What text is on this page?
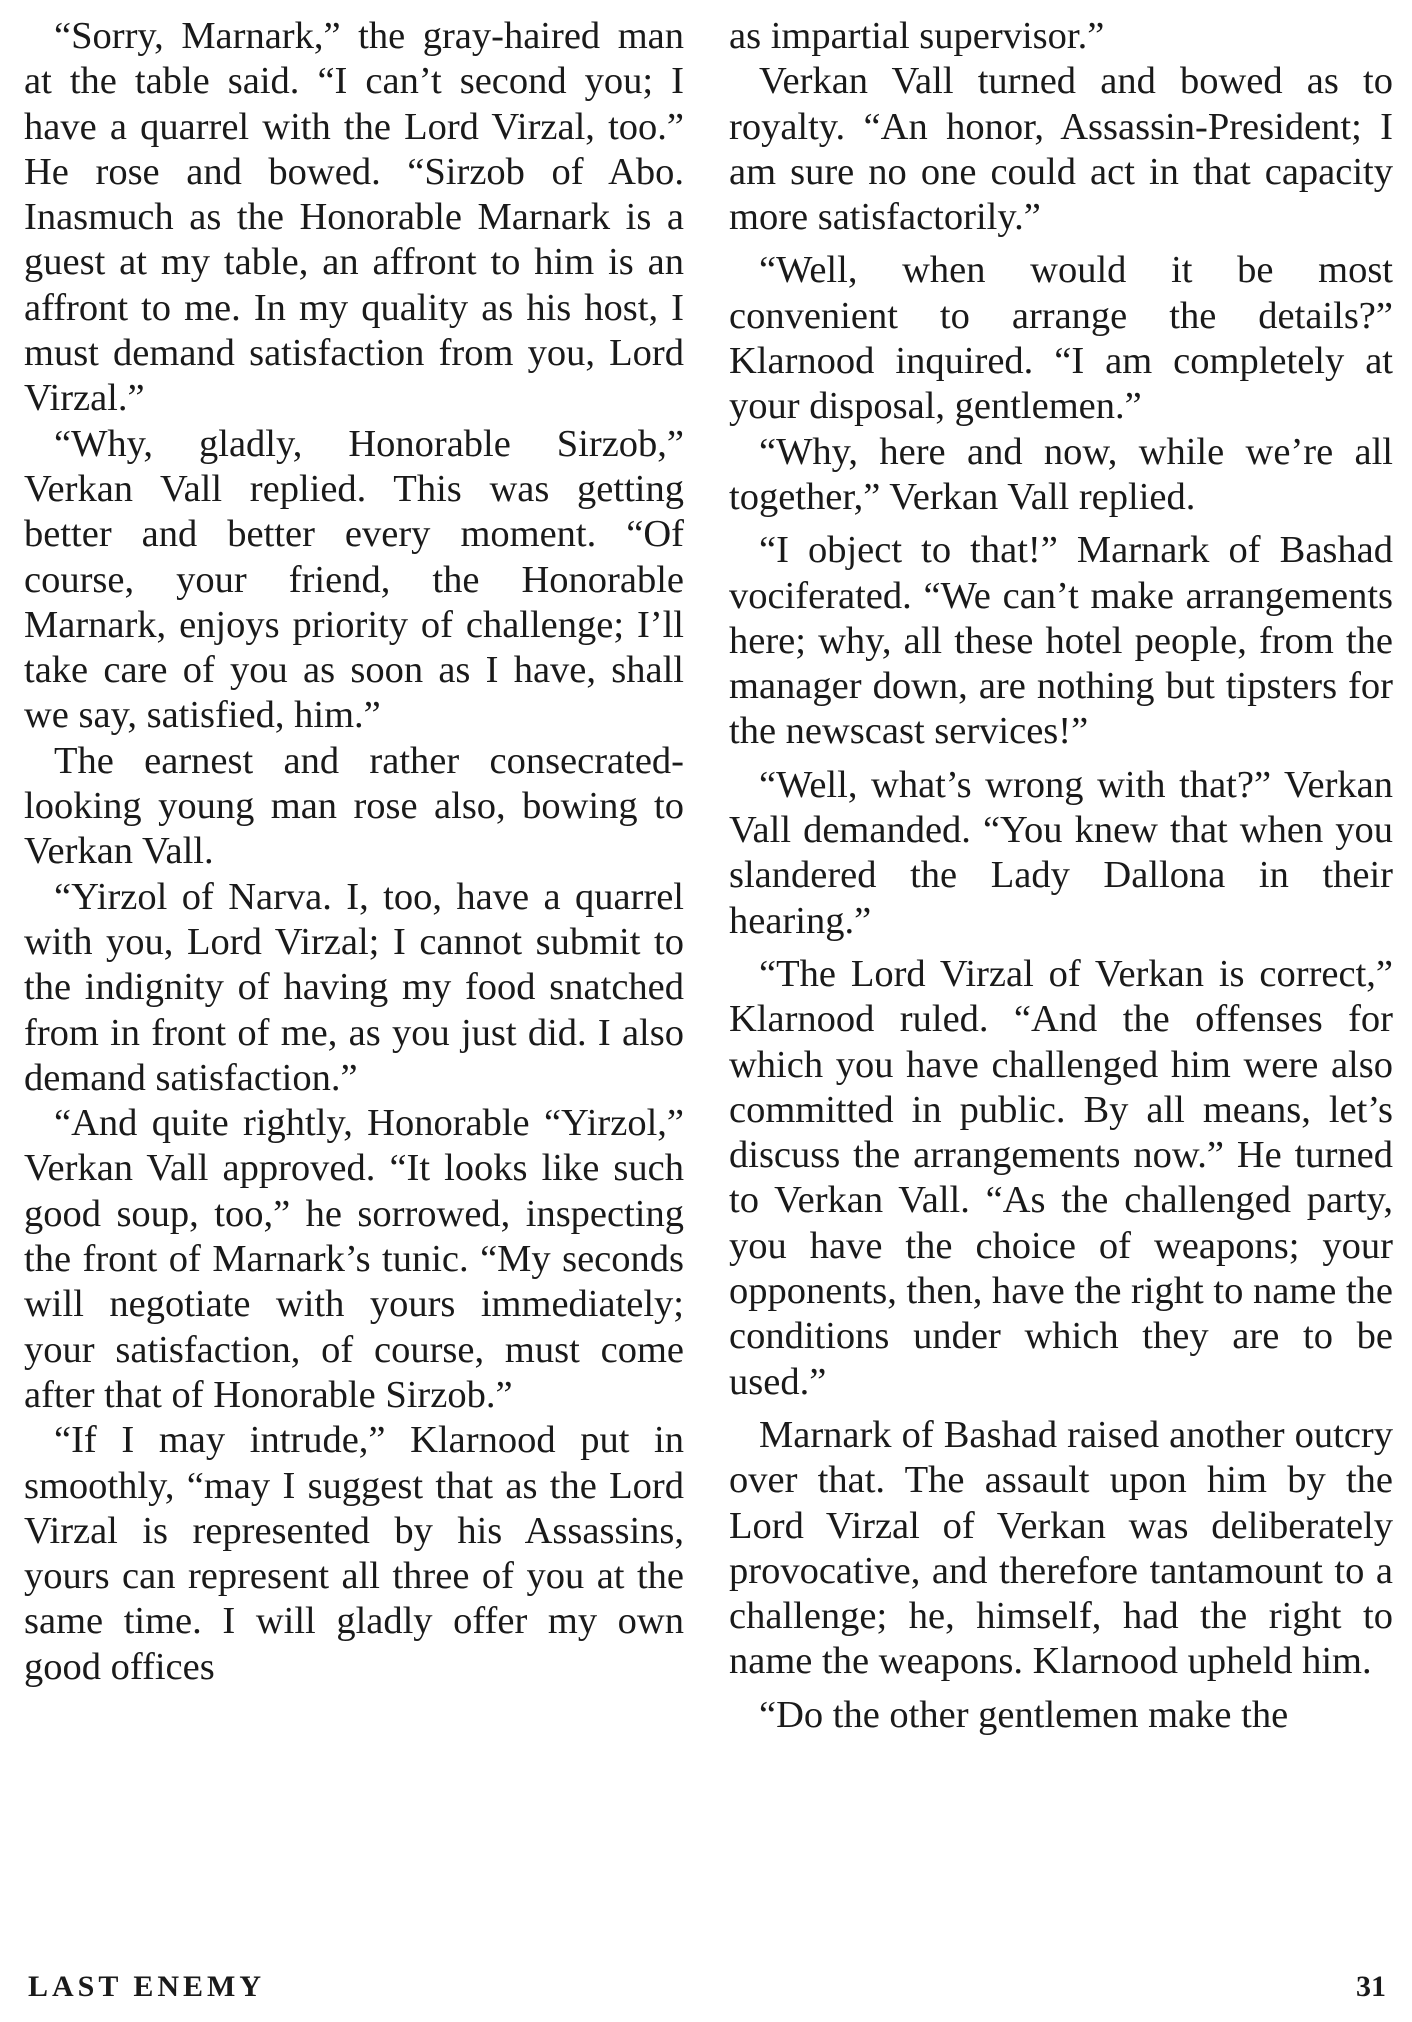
“Sorry, Marnark,” the gray-haired man at the table said. “I can’t second you; I have a quarrel with the Lord Virzal, too.” He rose and bowed. “Sirzob of Abo. Inasmuch as the Honorable Marnark is a guest at my table, an affront to him is an affront to me. In my quality as his host, I must demand satisfaction from you, Lord Virzal.”

“Why, gladly, Honorable Sirzob,” Verkan Vall replied. This was getting better and better every moment. “Of course, your friend, the Honorable Marnark, enjoys priority of challenge; I’ll take care of you as soon as I have, shall we say, satisfied, him.”

The earnest and rather consecrated-looking young man rose also, bowing to Verkan Vall.

“Yirzol of Narva. I, too, have a quarrel with you, Lord Virzal; I cannot submit to the indignity of having my food snatched from in front of me, as you just did. I also demand satisfaction.”

“And quite rightly, Honorable “Yirzol,” Verkan Vall approved. “It looks like such good soup, too,” he sorrowed, inspecting the front of Marnark’s tunic. “My seconds will negotiate with yours immediately; your satisfaction, of course, must come after that of Honorable Sirzob.”

“If I may intrude,” Klarnood put in smoothly, “may I suggest that as the Lord Virzal is represented by his Assassins, yours can represent all three of you at the same time. I will gladly offer my own good offices

as impartial supervisor.”

Verkan Vall turned and bowed as to royalty. “An honor, Assassin-President; I am sure no one could act in that capacity more satisfactorily.”

“Well, when would it be most convenient to arrange the details?” Klarnood inquired. “I am completely at your disposal, gentlemen.”

“Why, here and now, while we’re all together,” Verkan Vall replied.

“I object to that!” Marnark of Bashad vociferated. “We can’t make arrangements here; why, all these hotel people, from the manager down, are nothing but tipsters for the newscast services!”

“Well, what’s wrong with that?” Verkan Vall demanded. “You knew that when you slandered the Lady Dallona in their hearing.”

“The Lord Virzal of Verkan is correct,” Klarnood ruled. “And the offenses for which you have challenged him were also committed in public. By all means, let’s discuss the arrangements now.” He turned to Verkan Vall. “As the challenged party, you have the choice of weapons; your opponents, then, have the right to name the conditions under which they are to be used.”

Marnark of Bashad raised another outcry over that. The assault upon him by the Lord Virzal of Verkan was deliberately provocative, and therefore tantamount to a challenge; he, himself, had the right to name the weapons. Klarnood upheld him.

“Do the other gentlemen make the

LAST ENEMY	31
